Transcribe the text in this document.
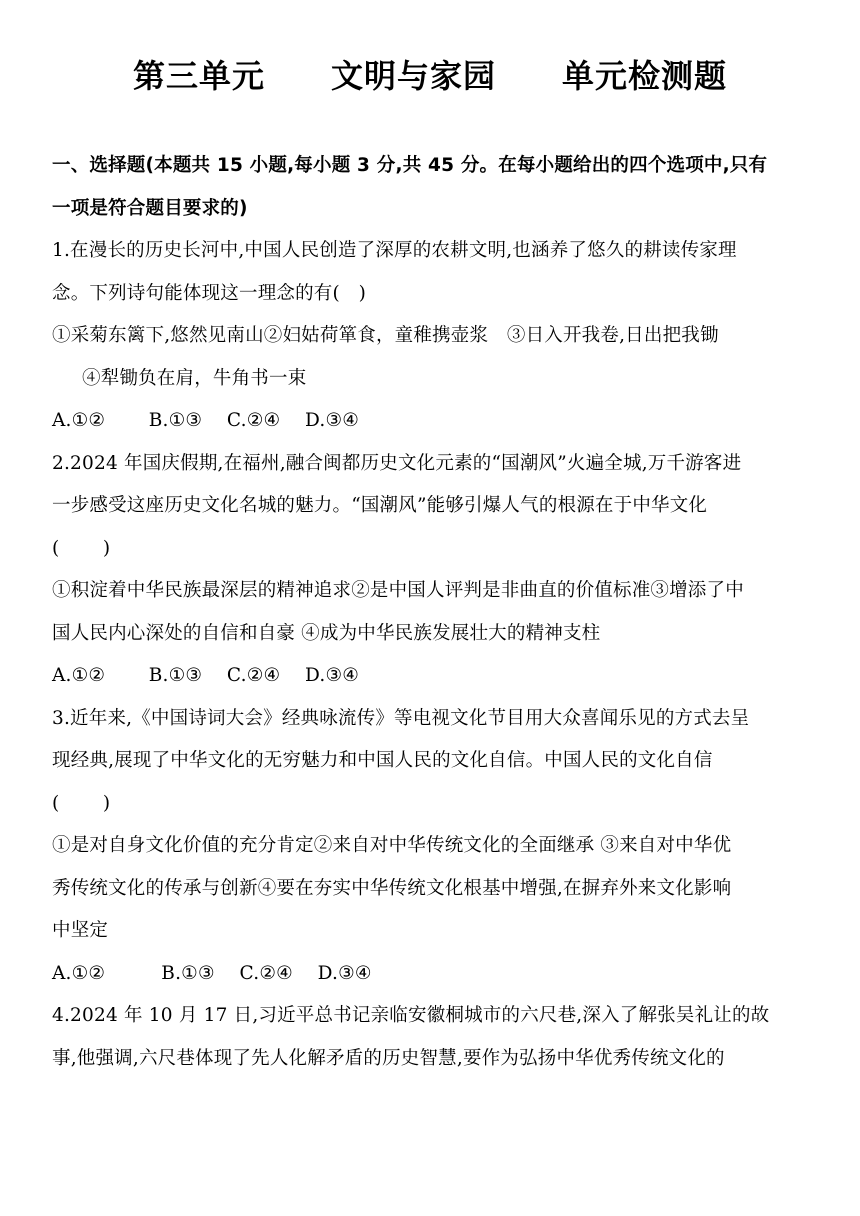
第三单元　　文明与家园　　单元检测题
一、选择题(本题共 15 小题,每小题 3 分,共 45 分。在每小题给出的四个选项中,只有
一项是符合题目要求的)
1.在漫长的历史长河中,中国人民创造了深厚的农耕文明,也涵养了悠久的耕读传家理
念。下列诗句能体现这一理念的有(　)
①采菊东篱下,悠然见南山②妇姑荷箪食，童稚携壶浆　③日入开我卷,日出把我锄
④犁锄负在肩，牛角书一束
A.①②　　 B.①③　 C.②④　 D.③④
2.2024 年国庆假期,在福州,融合闽都历史文化元素的“国潮风”火遍全城,万千游客进
一步感受这座历史文化名城的魅力。“国潮风”能够引爆人气的根源在于中华文化
(　　 )
①积淀着中华民族最深层的精神追求②是中国人评判是非曲直的价值标准③增添了中
国人民内心深处的自信和自豪 ④成为中华民族发展壮大的精神支柱
A.①②　　 B.①③　 C.②④　 D.③④
3.近年来,《中国诗词大会》经典咏流传》等电视文化节目用大众喜闻乐见的方式去呈
现经典,展现了中华文化的无穷魅力和中国人民的文化自信。中国人民的文化自信
(　　 )
①是对自身文化价值的充分肯定②来自对中华传统文化的全面继承 ③来自对中华优
秀传统文化的传承与创新④要在夯实中华传统文化根基中增强,在摒弃外来文化影响
中坚定
A.①②　　　B.①③　 C.②④　 D.③④
4.2024 年 10 月 17 日,习近平总书记亲临安徽桐城市的六尺巷,深入了解张吴礼让的故
事,他强调,六尺巷体现了先人化解矛盾的历史智慧,要作为弘扬中华优秀传统文化的
